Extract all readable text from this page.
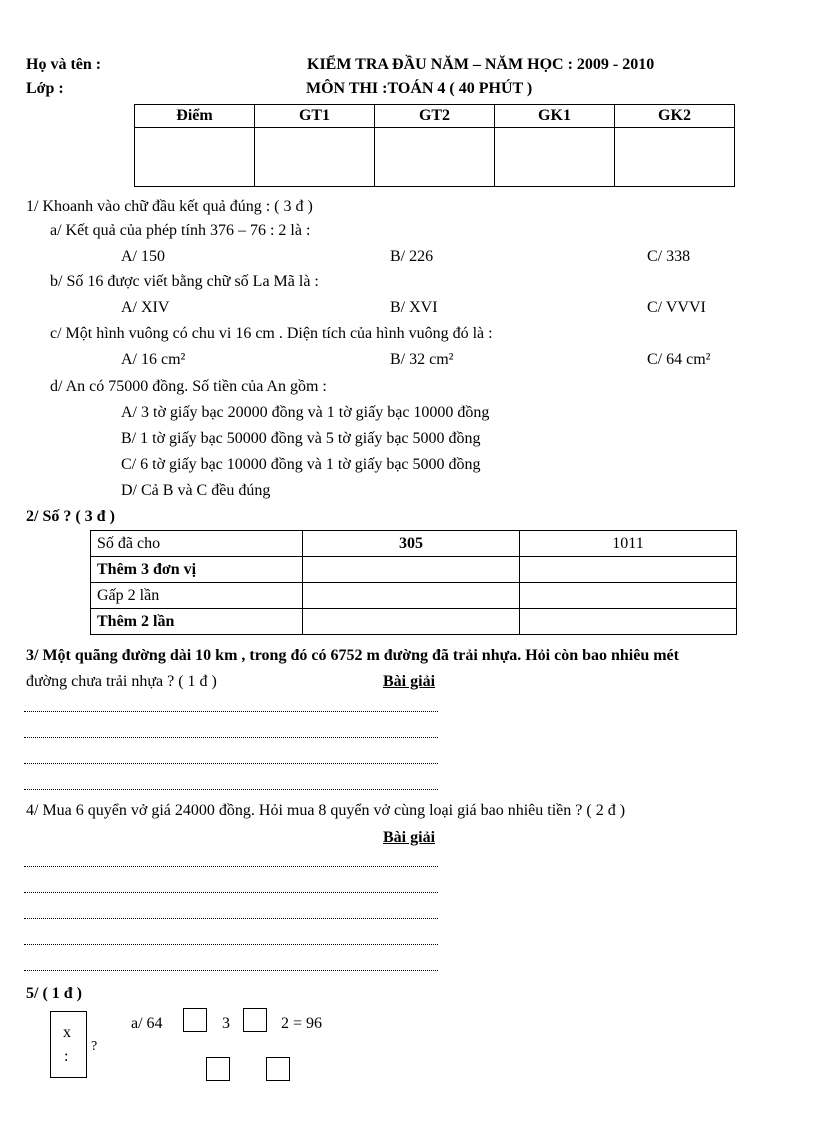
Họ và tên :
Lớp :
KIỂM TRA ĐẦU NĂM – NĂM HỌC : 2009 - 2010
MÔN THI :TOÁN 4 ( 40 PHÚT )
Điểm	GT1	GT2	GK1	GK2

1/ Khoanh vào chữ đầu kết quả đúng : ( 3 đ )
a/ Kết quả của phép tính 376 – 76 : 2 là :
A/ 150	B/ 226	C/ 338
b/ Số 16 được viết bằng chữ số La Mã là :
A/ XIV	B/ XVI	C/ VVVI
c/ Một hình vuông có chu vi 16 cm . Diện tích của hình vuông đó là :
A/ 16 cm²	B/ 32 cm²	C/ 64 cm²
d/ An có 75000 đồng. Số tiền của An gồm :
A/ 3 tờ giấy bạc 20000 đồng và 1 tờ giấy bạc 10000 đồng
B/ 1 tờ giấy bạc 50000 đồng và 5 tờ giấy bạc 5000 đồng
C/ 6 tờ giấy bạc 10000 đồng và 1 tờ giấy bạc 5000 đồng
D/ Cả B và C đều đúng
2/ Số ? ( 3 đ )
Số đã cho	305	1011
Thêm 3 đơn vị		
Gấp 2 lần		
Thêm 2 lần		
3/ Một quãng đường dài 10 km , trong đó có 6752 m đường đã trải nhựa. Hỏi còn bao nhiêu mét
đường chưa trải nhựa ? ( 1 đ )	Bài giải
4/ Mua 6 quyển vở giá 24000 đồng. Hỏi mua 8 quyển vở cùng loại giá bao nhiêu tiền ? ( 2 đ )
Bài giải
5/ ( 1 đ )
x
:
?
a/ 64	3	2 = 96
